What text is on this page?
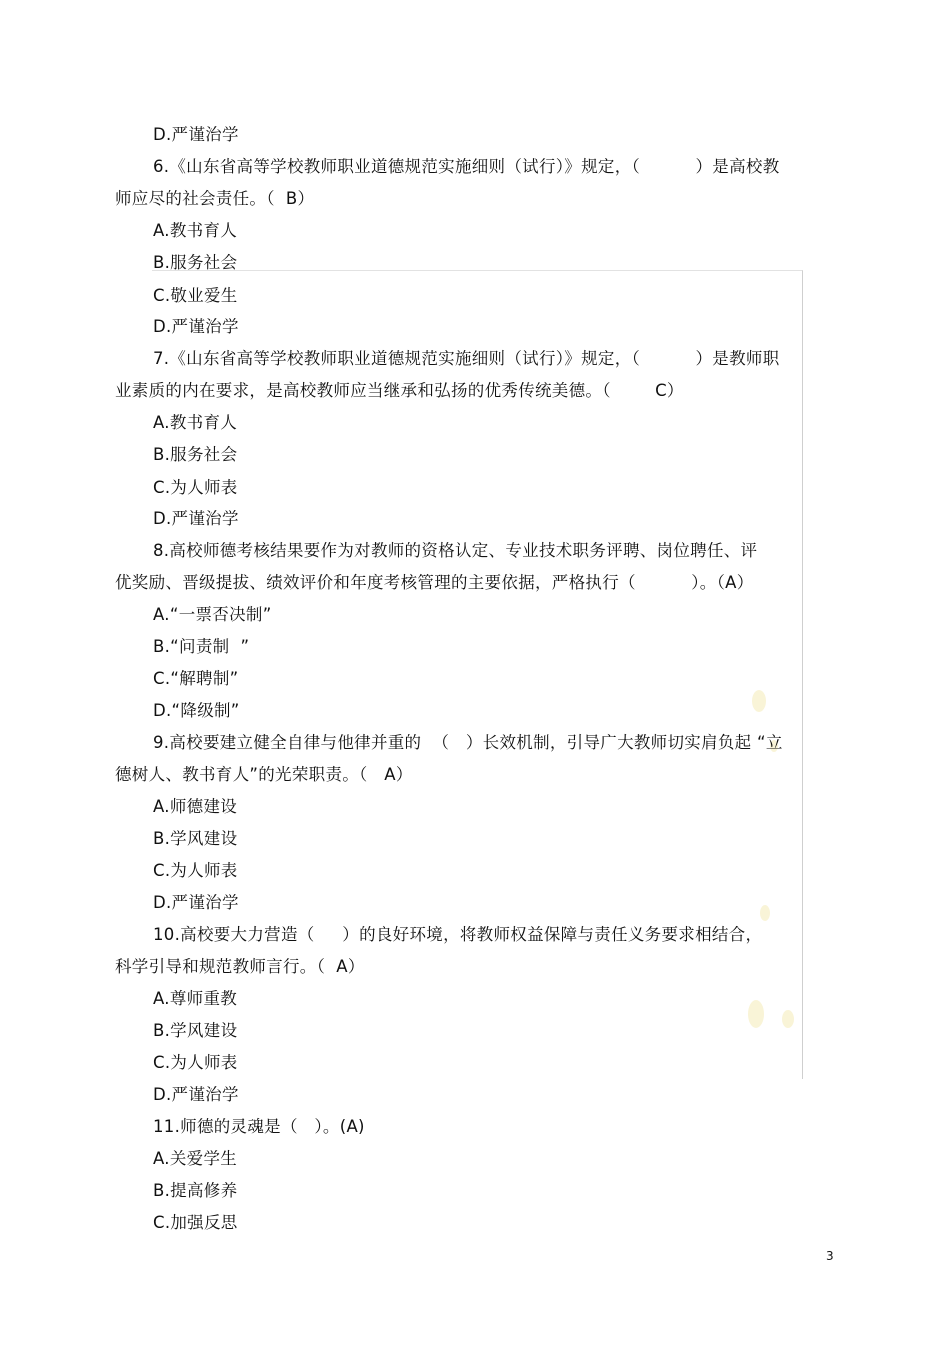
D.严谨治学
6.《山东省高等学校教师职业道德规范实施细则（试行）》规定，（          ）是高校教
师应尽的社会责任。（  B）
A.教书育人
B.服务社会
C.敬业爱生
D.严谨治学
7.《山东省高等学校教师职业道德规范实施细则（试行）》规定，（          ）是教师职
业素质的内在要求，是高校教师应当继承和弘扬的优秀传统美德。（        C）
A.教书育人
B.服务社会
C.为人师表
D.严谨治学
8.高校师德考核结果要作为对教师的资格认定、专业技术职务评聘、岗位聘任、评
优奖励、晋级提拔、绩效评价和年度考核管理的主要依据，严格执行（          ）。（A）
A.“一票否决制”
B.“问责制  ”
C.“解聘制”
D.“降级制”
9.高校要建立健全自律与他律并重的  （   ）长效机制，引导广大教师切实肩负起 “立
德树人、教书育人”的光荣职责。（   A）
A.师德建设
B.学风建设
C.为人师表
D.严谨治学
10.高校要大力营造（     ）的良好环境，将教师权益保障与责任义务要求相结合，
科学引导和规范教师言行。（  A）
A.尊师重教
B.学风建设
C.为人师表
D.严谨治学
11.师德的灵魂是（   ）。(A)
A.关爱学生
B.提高修养
C.加强反思
3
